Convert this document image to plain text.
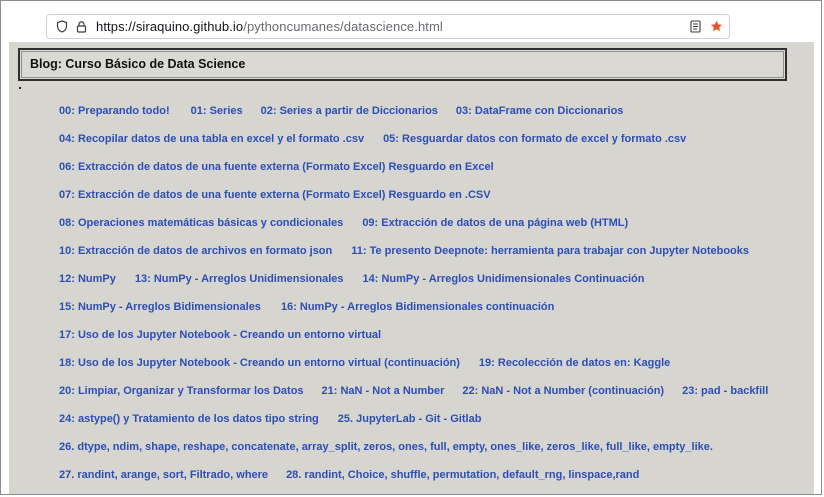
https://siraquino.github.io/pythoncumanes/datascience.html
Blog: Curso Básico de Data Science
00: Preparando todo! 01: Series 02: Series a partir de Diccionarios 03: DataFrame con Diccionarios
04: Recopilar datos de una tabla en excel y el formato .csv 05: Resguardar datos con formato de excel y formato .csv
06: Extracción de datos de una fuente externa (Formato Excel) Resguardo en Excel
07: Extracción de datos de una fuente externa (Formato Excel) Resguardo en .CSV
08: Operaciones matemáticas básicas y condicionales 09: Extracción de datos de una página web (HTML)
10: Extracción de datos de archivos en formato json 11: Te presento Deepnote: herramienta para trabajar con Jupyter Notebooks
12: NumPy 13: NumPy - Arreglos Unidimensionales 14: NumPy - Arreglos Unidimensionales Continuación
15: NumPy - Arreglos Bidimensionales 16: NumPy - Arreglos Bidimensionales continuación
17: Uso de los Jupyter Notebook - Creando un entorno virtual
18: Uso de los Jupyter Notebook - Creando un entorno virtual (continuación) 19: Recolección de datos en: Kaggle
20: Limpiar, Organizar y Transformar los Datos 21: NaN - Not a Number 22: NaN - Not a Number (continuación) 23: pad - backfill
24: astype() y Tratamiento de los datos tipo string 25. JupyterLab - Git - Gitlab
26. dtype, ndim, shape, reshape, concatenate, array_split, zeros, ones, full, empty, ones_like, zeros_like, full_like, empty_like.
27. randint, arange, sort, Filtrado, where 28. randint, Choice, shuffle, permutation, default_rng, linspace,rand
